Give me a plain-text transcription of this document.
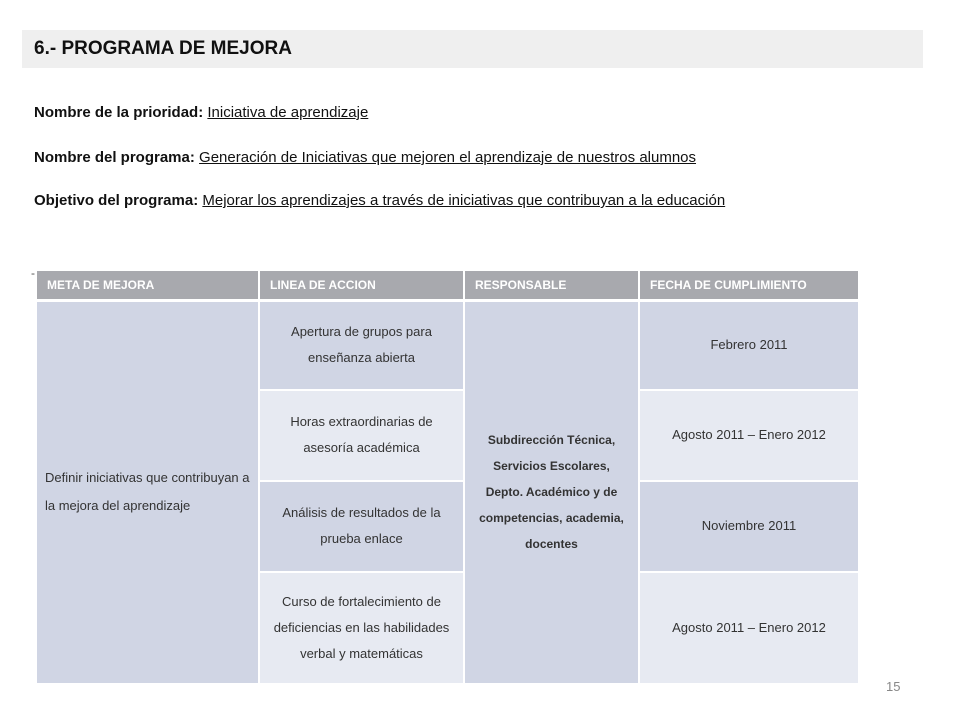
6.- PROGRAMA DE MEJORA
Nombre de la prioridad: Iniciativa de aprendizaje
Nombre del programa: Generación de Iniciativas que mejoren el aprendizaje de nuestros alumnos
Objetivo del programa: Mejorar los aprendizajes a través de iniciativas que contribuyan a la educación
-
META DE MEJORA	LINEA DE ACCION	RESPONSABLE	FECHA DE CUMPLIMIENTO
Definir iniciativas que contribuyan a la mejora del aprendizaje	Apertura de grupos para enseñanza abierta	Subdirección Técnica, Servicios Escolares, Depto. Académico y de competencias, academia, docentes	Febrero 2011
	Horas extraordinarias de asesoría académica		Agosto 2011 – Enero 2012
	Análisis de resultados de la prueba enlace		Noviembre 2011
	Curso de fortalecimiento de deficiencias en las habilidades verbal y matemáticas		Agosto 2011 – Enero 2012
15
